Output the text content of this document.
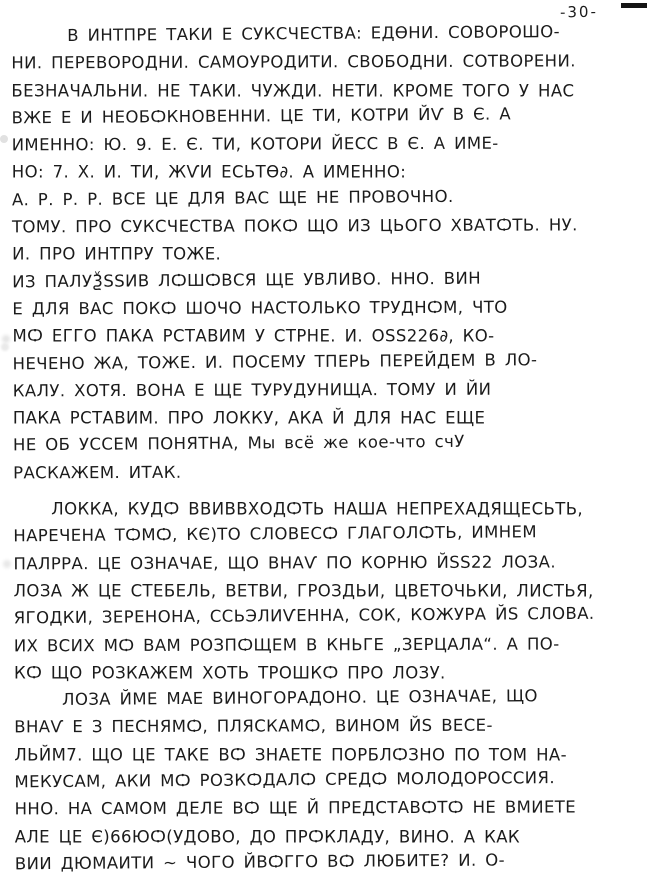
-30-
В ИНТПРЕ ТАКИ Е СУКСЧЕСТВА: ЕДѲНИ. СОВОРОШО-
НИ. ПЕРЕВОРОДНИ. САМОУРОДИТИ. СВОБОДНИ. СОТВОРЕНИ.
БЕЗНАЧАЛЬНИ. НЕ ТАКИ. ЧУЖДИ. НЕТИ. КРОМЕ ТОГО У НАС
ВЖЕ Е И НЕОБѺКНОВЕННИ. ЦЕ ТИ, КОТРИ ЙѴ В Є. А
ИМЕННО: Ю. 9. Е. Є. ТИ, КОТОРИ ЙЕСС В Є. А ИМЕ-
НО: 7. Х. И. ТИ, ЖѴИ ЕСЬТѲ∂. А ИМЕННО:
А. Р. Р. Р. ВСЕ ЦЕ ДЛЯ ВАС ЩЕ НЕ ПРОВОЧНО.
ТОМУ. ПРО СУКСЧЕСТВА ПОКѺ ЩО ИЗ ЦЬОГО ХВАТѺТЬ. НУ.
И. ПРО ИНТПРУ ТОЖЕ.
ИЗ ПАЛУѮЅЅИВ ЛѺШѺВСЯ ЩЕ УВЛИВО. ННО. ВИН
Е ДЛЯ ВАС ПОКѺ ШОЧО НАСТОЛЬКО ТРУДНѺМ, ЧТО
МѺ ЕГГО ПАКА РСТАВИМ У СТРНЕ. И. ОЅЅ226∂, КО-
НЕЧЕНО ЖА, ТОЖЕ. И. ПОСЕМУ ТПЕРЬ ПЕРЕЙДЕМ В ЛО-
КАЛУ. ХОТЯ. ВОНА Е ЩЕ ТУРУДУНИЩА. ТОМУ И ЙИ
ПАКА РСТАВИМ. ПРО ЛОККУ, АКА Й ДЛЯ НАС ЕЩЕ
НЕ ОБ УССЕМ ПОНЯТНА, Мы всё же кое-что счУ
РАСКАЖЕМ. ИТАК.
ЛОККА, КУДѺ ВВИВВХОДѺТЬ НАША НЕПРЕХАДЯЩЕСЬТЬ,
НАРЕЧЕНА ТѺМѺ, КЄ)ТО СЛОВЕСѺ ГЛАГОЛѺТЬ, ИМНЕМ
ПАЛРРА. ЦЕ ОЗНАЧАЕ, ЩО ВНАѴ ПО КОРНЮ ЙЅЅ22 ЛОЗА.
ЛОЗА Ж ЦЕ СТЕБЕЛЬ, ВЕТВИ, ГРОЗДЬИ, ЦВЕТОЧЬКИ, ЛИСТЬЯ,
ЯГОДКИ, ЗЕРЕНОНА, ССЬЭЛИѴЕННА, СОК, КОЖУРА ЙЅ СЛОВА.
ИХ ВСИХ МѺ ВАМ РОЗПѺЩЕМ В КНЬГЕ „ЗЕРЦАЛА“. А ПО-
КѺ ЩО РОЗКАЖЕМ ХОТЬ ТРОШКѺ ПРО ЛОЗУ.
ЛОЗА ЙМЕ МАЕ ВИНОГОРАДОНО. ЦЕ ОЗНАЧАЕ, ЩО
ВНАѴ Е З ПЕСНЯМѺ, ПЛЯСКАМѺ, ВИНОМ ЙЅ ВЕСЕ-
ЛЬЙМ7. ЩО ЦЕ ТАКЕ ВѺ ЗНАЕТЕ ПОРБЛѺЗНО ПО ТОМ НА-
МЕКУСАМ, АКИ МѺ РОЗКѺДАЛѺ СРЕДѺ МОЛОДОРОССИЯ.
ННО. НА САМОМ ДЕЛЕ ВѺ ЩЕ Й ПРЕДСТАВѺТѺ НЕ ВМИЕТЕ
АЛЕ ЦЕ Є)66ЮѺ(УДОВО, ДО ПРѺКЛАДУ, ВИНО. А КАК
ВИИ ДЮМАИТИ ~ ЧОГО ЙВѺГГО ВѺ ЛЮБИТЕ? И. О-
